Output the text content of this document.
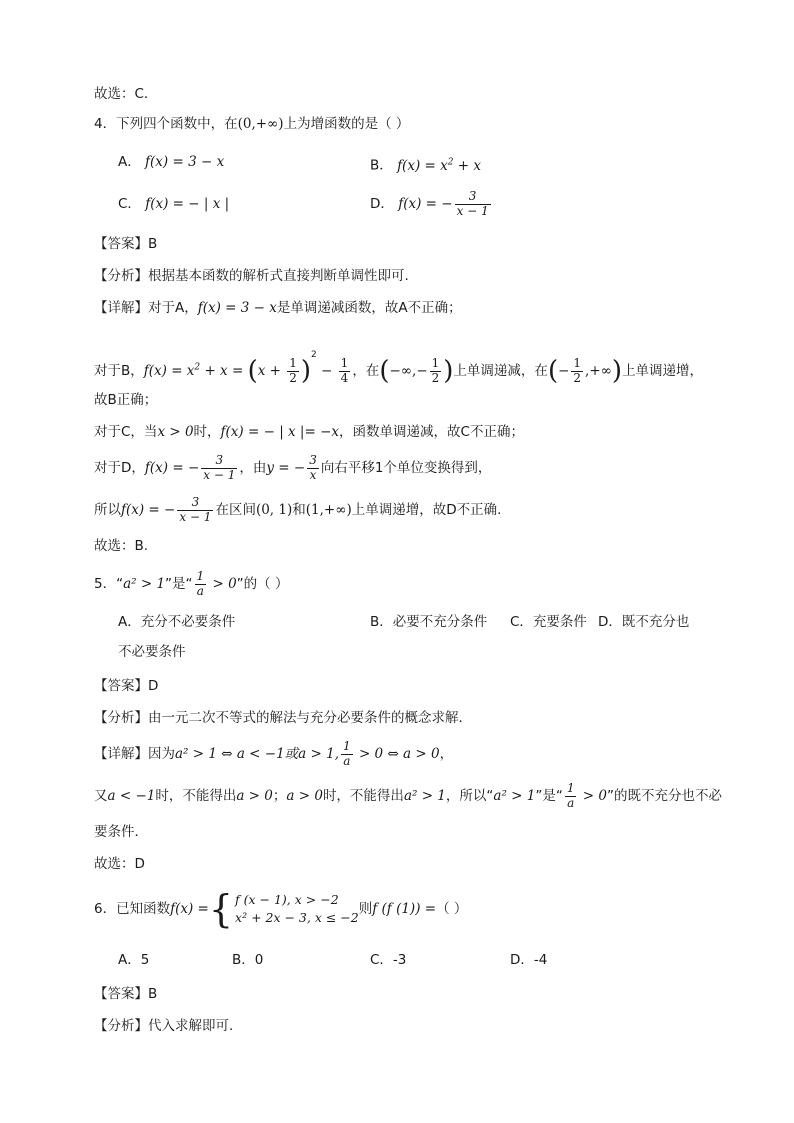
故选：C．
4．下列四个函数中，在(0,+∞)上为增函数的是（ ）
A． f(x) = 3 − x	B． $f(x) = x^2 + x$
C． f(x) = − | x |	D． f(x) = − $\frac{3}{x - 1}$
【答案】B
【分析】根据基本函数的解析式直接判断单调性即可.
【详解】对于A，f(x) = 3 − x是单调递减函数，故A不正确；
对于B，$f(x) = x^2 + x = (x + \frac{1}{2} )^2 - \frac{1}{4}$ ，在(−∞,− $\frac{1}{2}$ )上单调递减，在(− $\frac{1}{2}$ ,+∞)上单调递增，
故B正确；
对于C，当x > 0时，f(x) = − | x |= −x，函数单调递减，故C不正确；
对于D，f(x) = − $\frac{3}{x - 1}$ ，由y = − $\frac{3}{x}$ 向右平移1个单位变换得到，
所以f(x) = − $\frac{3}{x - 1}$ 在区间(0, 1)和(1,+∞)上单调递增，故D不正确.
故选：B.
5．“a² > 1”是“ $\frac{1}{a} > 0$”的（ ）
A．充分不必要条件	B．必要不充分条件 C．充要条件 D．既不充分也
不必要条件
【答案】D
【分析】由一元二次不等式的解法与充分必要条件的概念求解．
【详解】因为a² > 1 ⇔ a < −1或a > 1, $\frac{1}{a} > 0$ ⇔ a > 0，
又a < −1时，不能得出a > 0；a > 0时，不能得出a² > 1，所以“a² > 1”是“ $\frac{1}{a} > 0$”的既不充分也不必
要条件．
故选：D
6．已知函数f(x) ={ f (x − 1), x > −2
x² + 2x − 3, x ≤ −2
则f (f (1)) =（ ）
A．5	B．0	C．-3	D．-4
【答案】B
【分析】代入求解即可.
